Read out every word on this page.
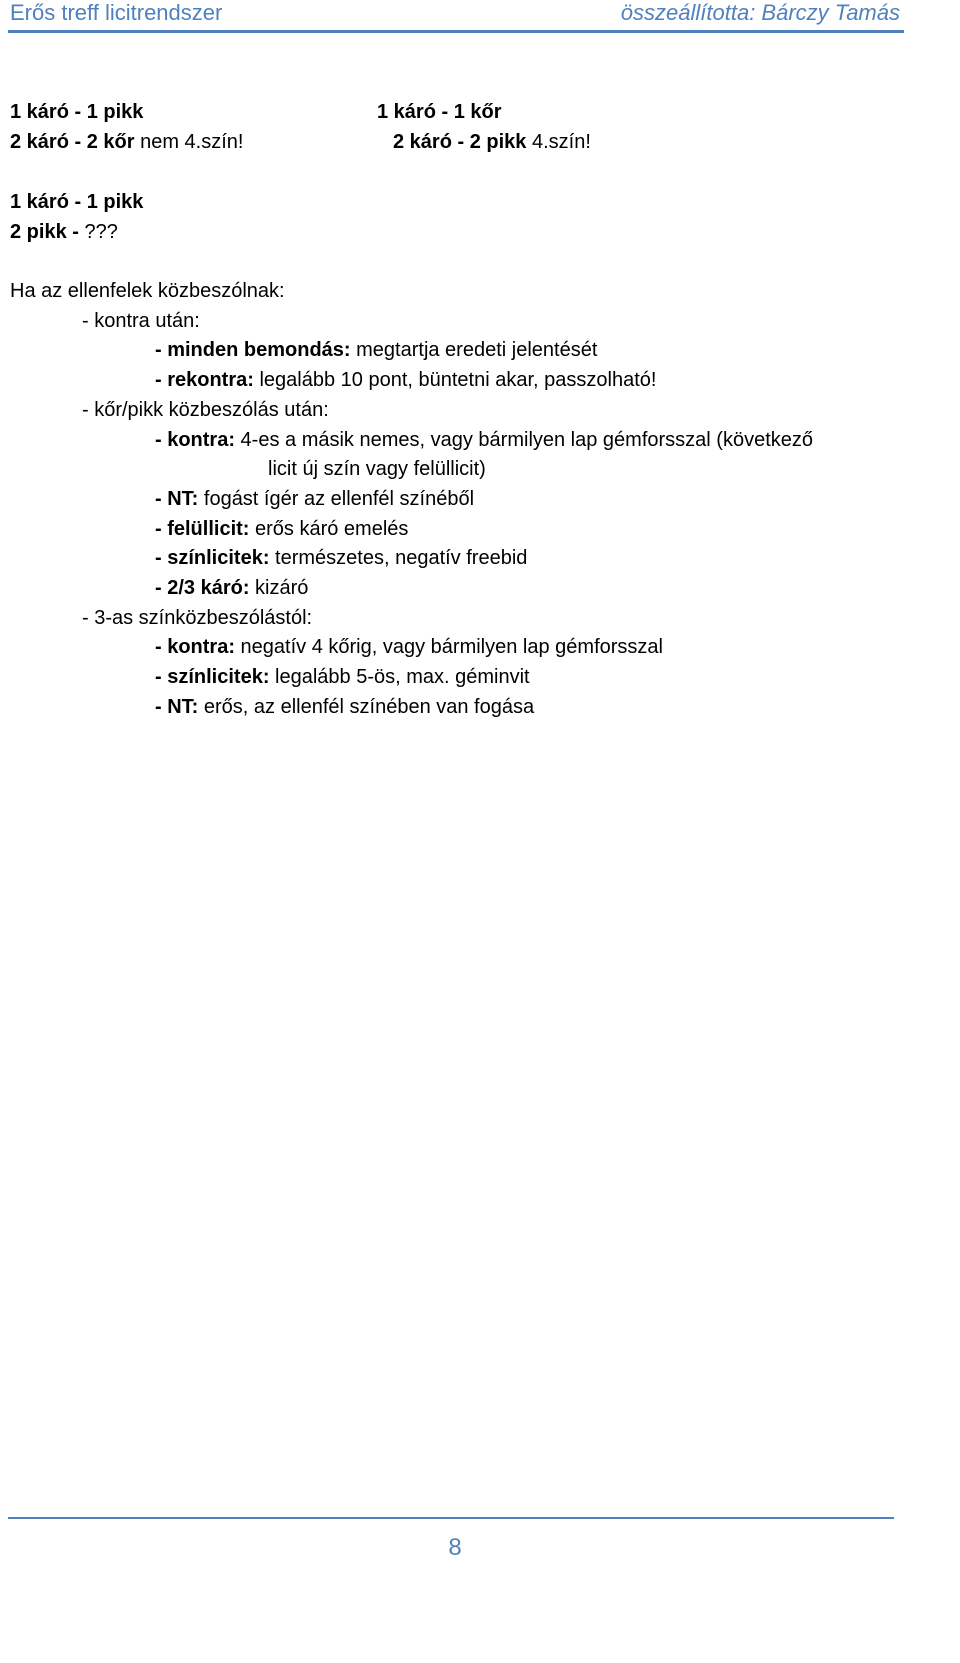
Erős treff licitrendszer	összeállította: Bárczy Tamás
1 káró - 1 pikk
2 káró - 2 kőr nem 4.szín!
1 káró - 1 kőr
2 káró - 2 pikk 4.szín!
1 káró - 1 pikk
2 pikk - ???
Ha az ellenfelek közbeszólnak:
- kontra után:
- minden bemondás: megtartja eredeti jelentését
- rekontra: legalább 10 pont, büntetni akar, passzolható!
- kőr/pikk közbeszólás után:
- kontra: 4-es a másik nemes, vagy bármilyen lap gémforsszal (következő
licit új szín vagy felüllicit)
- NT: fogást ígér az ellenfél színéből
- felüllicit: erős káró emelés
- színlicitek: természetes, negatív freebid
- 2/3 káró: kizáró
- 3-as színközbeszólástól:
- kontra: negatív 4 kőrig, vagy bármilyen lap gémforsszal
- színlicitek: legalább 5-ös, max. géminvit
- NT: erős, az ellenfél színében van fogása
8
